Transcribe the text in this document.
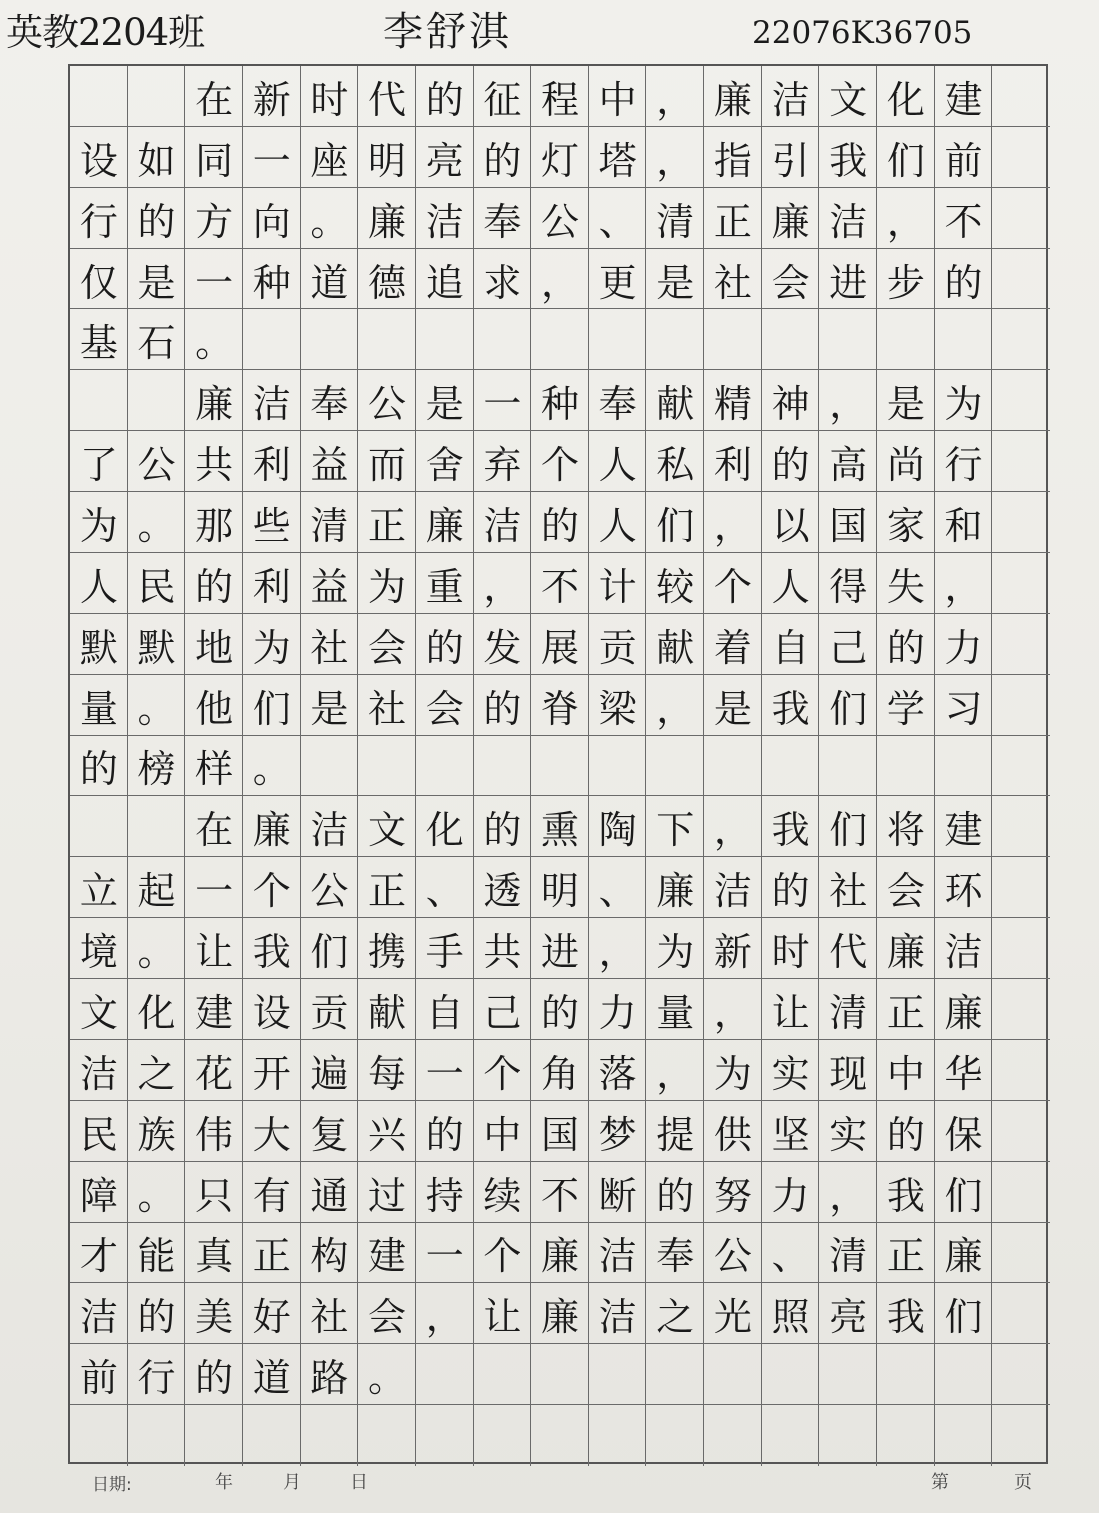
英教2204班	李舒淇	22076K36705
在 新 时 代 的 征 程 中 ， 廉 洁 文 化 建
设 如 同 一 座 明 亮 的 灯 塔 ， 指 引 我 们 前
行 的 方 向 。 廉 洁 奉 公 、 清 正 廉 洁 ， 不
仅 是 一 种 道 德 追 求 ， 更 是 社 会 进 步 的
基 石 。
廉 洁 奉 公 是 一 种 奉 献 精 神 ， 是 为
了 公 共 利 益 而 舍 弃 个 人 私 利 的 高 尚 行
为 。 那 些 清 正 廉 洁 的 人 们 ， 以 国 家 和
人 民 的 利 益 为 重 ， 不 计 较 个 人 得 失 ，
默 默 地 为 社 会 的 发 展 贡 献 着 自 己 的 力
量 。 他 们 是 社 会 的 脊 梁 ， 是 我 们 学 习
的 榜 样 。
在 廉 洁 文 化 的 熏 陶 下 ， 我 们 将 建
立 起 一 个 公 正 、 透 明 、 廉 洁 的 社 会 环
境 。 让 我 们 携 手 共 进 ， 为 新 时 代 廉 洁
文 化 建 设 贡 献 自 己 的 力 量 ， 让 清 正 廉
洁 之 花 开 遍 每 一 个 角 落 ， 为 实 现 中 华
民 族 伟 大 复 兴 的 中 国 梦 提 供 坚 实 的 保
障 。 只 有 通 过 持 续 不 断 的 努 力 ， 我 们
才 能 真 正 构 建 一 个 廉 洁 奉 公 、 清 正 廉
洁 的 美 好 社 会 ， 让 廉 洁 之 光 照 亮 我 们
前 行 的 道 路 。
日期:	年	月	日	第	页
